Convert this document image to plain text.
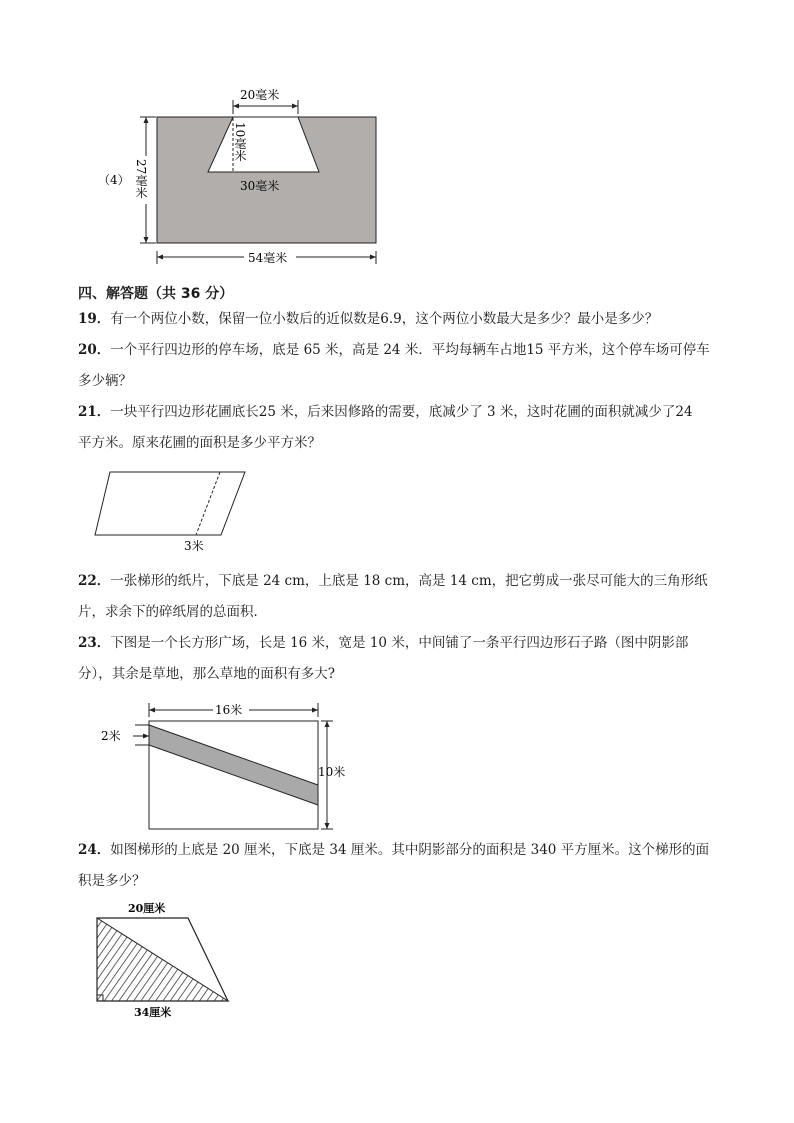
（4）
20毫米
10毫米
30毫米
27毫米
54毫米
四、解答题（共 36 分）
19．有一个两位小数，保留一位小数后的近似数是6.9，这个两位小数最大是多少？最小是多少？
20．一个平行四边形的停车场，底是 65 米，高是 24 米．平均每辆车占地15 平方米，这个停车场可停车
多少辆？
21．一块平行四边形花圃底长25 米，后来因修路的需要，底减少了 3 米，这时花圃的面积就减少了24
平方米。原来花圃的面积是多少平方米？
3米
22．一张梯形的纸片，下底是 24 cm，上底是 18 cm，高是 14 cm，把它剪成一张尽可能大的三角形纸
片，求余下的碎纸屑的总面积．
23．下图是一个长方形广场，长是 16 米，宽是 10 米，中间铺了一条平行四边形石子路（图中阴影部
分），其余是草地，那么草地的面积有多大?
16米
2米
10米
24．如图梯形的上底是 20 厘米，下底是 34 厘米。其中阴影部分的面积是 340 平方厘米。这个梯形的面
积是多少？
20厘米
34厘米
